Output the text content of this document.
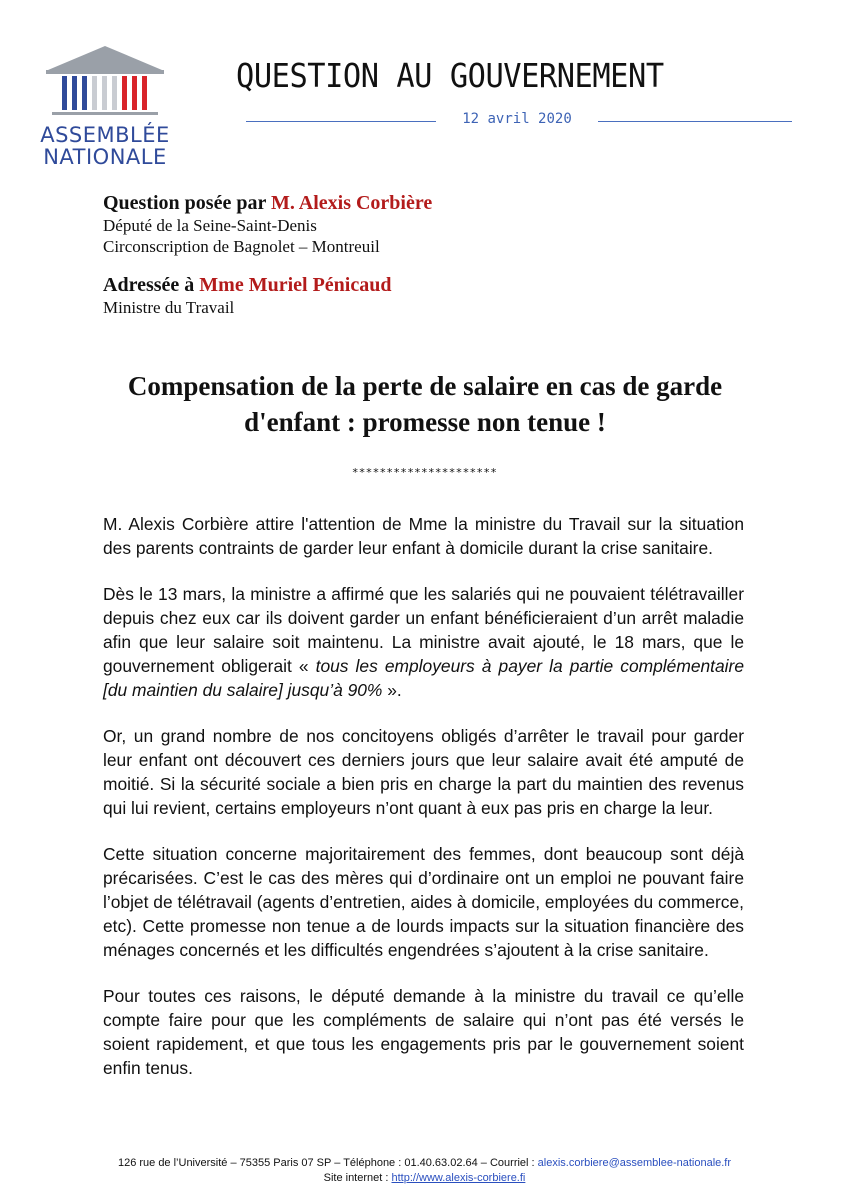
ASSEMBLÉE
NATIONALE
QUESTION AU GOUVERNEMENT
12 avril 2020
Question posée par M. Alexis Corbière
Député de la Seine-Saint-Denis
Circonscription de Bagnolet – Montreuil
Adressée à Mme Muriel Pénicaud
Ministre du Travail
Compensation de la perte de salaire en cas de garde
d'enfant : promesse non tenue !
*********************

M. Alexis Corbière attire l'attention de Mme la ministre du Travail sur la situation des parents contraints de garder leur enfant à domicile durant la crise sanitaire.

Dès le 13 mars, la ministre a affirmé que les salariés qui ne pouvaient télétravailler depuis chez eux car ils doivent garder un enfant bénéficieraient d’un arrêt maladie afin que leur salaire soit maintenu. La ministre avait ajouté, le 18 mars, que le gouvernement obligerait « tous les employeurs à payer la partie complémentaire [du maintien du salaire] jusqu’à 90% ».

Or, un grand nombre de nos concitoyens obligés d’arrêter le travail pour garder leur enfant ont découvert ces derniers jours que leur salaire avait été amputé de moitié. Si la sécurité sociale a bien pris en charge la part du maintien des revenus qui lui revient, certains employeurs n’ont quant à eux pas pris en charge la leur.

Cette situation concerne majoritairement des femmes, dont beaucoup sont déjà précarisées. C’est le cas des mères qui d’ordinaire ont un emploi ne pouvant faire l’objet de télétravail (agents d’entretien, aides à domicile, employées du commerce, etc). Cette promesse non tenue a de lourds impacts sur la situation financière des ménages concernés et les difficultés engendrées s’ajoutent à la crise sanitaire.

Pour toutes ces raisons, le député demande à la ministre du travail ce qu’elle compte faire pour que les compléments de salaire qui n’ont pas été versés le soient rapidement, et que tous les engagements pris par le gouvernement soient enfin tenus.

126 rue de l’Université – 75355 Paris 07 SP – Téléphone : 01.40.63.02.64 – Courriel : alexis.corbiere@assemblee-nationale.fr
Site internet : http://www.alexis-corbiere.fi
